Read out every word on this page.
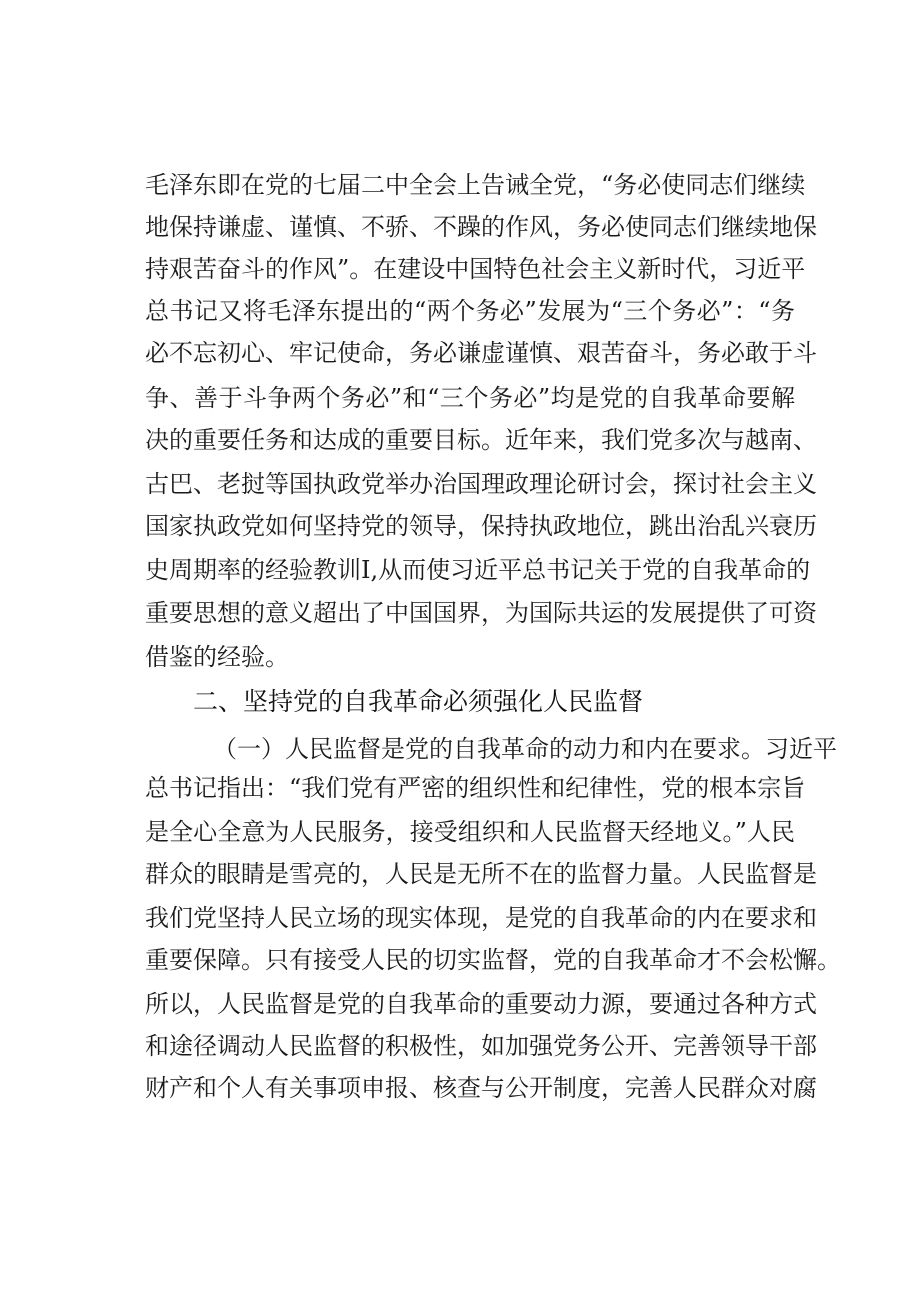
毛泽东即在党的七届二中全会上告诫全党，“务必使同志们继续
地保持谦虚、谨慎、不骄、不躁的作风，务必使同志们继续地保
持艰苦奋斗的作风”。在建设中国特色社会主义新时代，习近平
总书记又将毛泽东提出的“两个务必”发展为“三个务必”：“务
必不忘初心、牢记使命，务必谦虚谨慎、艰苦奋斗，务必敢于斗
争、善于斗争两个务必”和“三个务必”均是党的自我革命要解
决的重要任务和达成的重要目标。近年来，我们党多次与越南、
古巴、老挝等国执政党举办治国理政理论研讨会，探讨社会主义
国家执政党如何坚持党的领导，保持执政地位，跳出治乱兴衰历
史周期率的经验教训I,从而使习近平总书记关于党的自我革命的
重要思想的意义超出了中国国界，为国际共运的发展提供了可资
借鉴的经验。
二、坚持党的自我革命必须强化人民监督
（一）人民监督是党的自我革命的动力和内在要求。习近平
总书记指出：“我们党有严密的组织性和纪律性，党的根本宗旨
是全心全意为人民服务，接受组织和人民监督天经地义。”人民
群众的眼睛是雪亮的，人民是无所不在的监督力量。人民监督是
我们党坚持人民立场的现实体现，是党的自我革命的内在要求和
重要保障。只有接受人民的切实监督，党的自我革命才不会松懈。
所以，人民监督是党的自我革命的重要动力源，要通过各种方式
和途径调动人民监督的积极性，如加强党务公开、完善领导干部
财产和个人有关事项申报、核查与公开制度，完善人民群众对腐
